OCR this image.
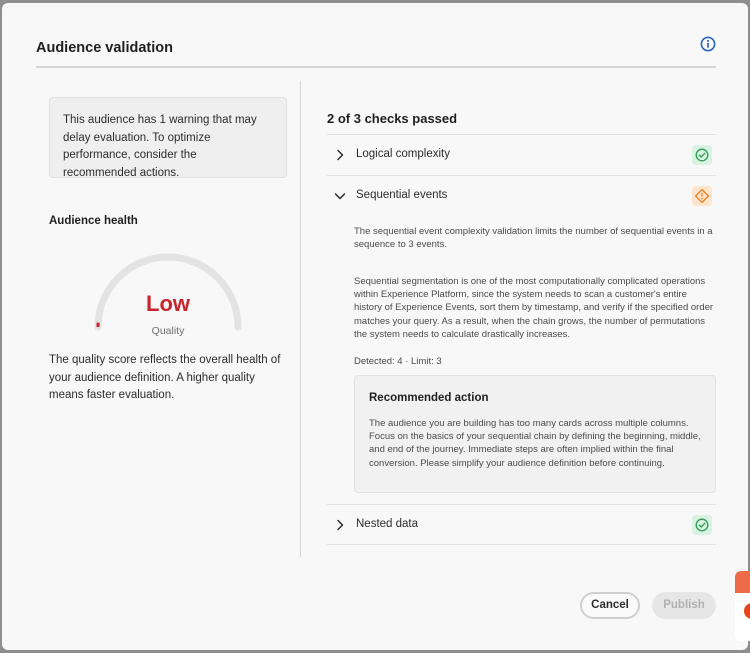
Audience validation
This audience has 1 warning that may delay evaluation. To optimize performance, consider the recommended actions.
Audience health
Low
Quality
The quality score reflects the overall health of your audience definition. A higher quality means faster evaluation.
2 of 3 checks passed
Logical complexity
Sequential events
The sequential event complexity validation limits the number of sequential events in a sequence to 3 events.
Sequential segmentation is one of the most computationally complicated operations within Experience Platform, since the system needs to scan a customer's entire history of Experience Events, sort them by timestamp, and verify if the specified order matches your query. As a result, when the chain grows, the number of permutations the system needs to calculate drastically increases.
Detected: 4 · Limit: 3
Recommended action
The audience you are building has too many cards across multiple columns. Focus on the basics of your sequential chain by defining the beginning, middle, and end of the journey. Immediate steps are often implied within the final conversion. Please simplify your audience definition before continuing.
Nested data
Cancel	Publish
